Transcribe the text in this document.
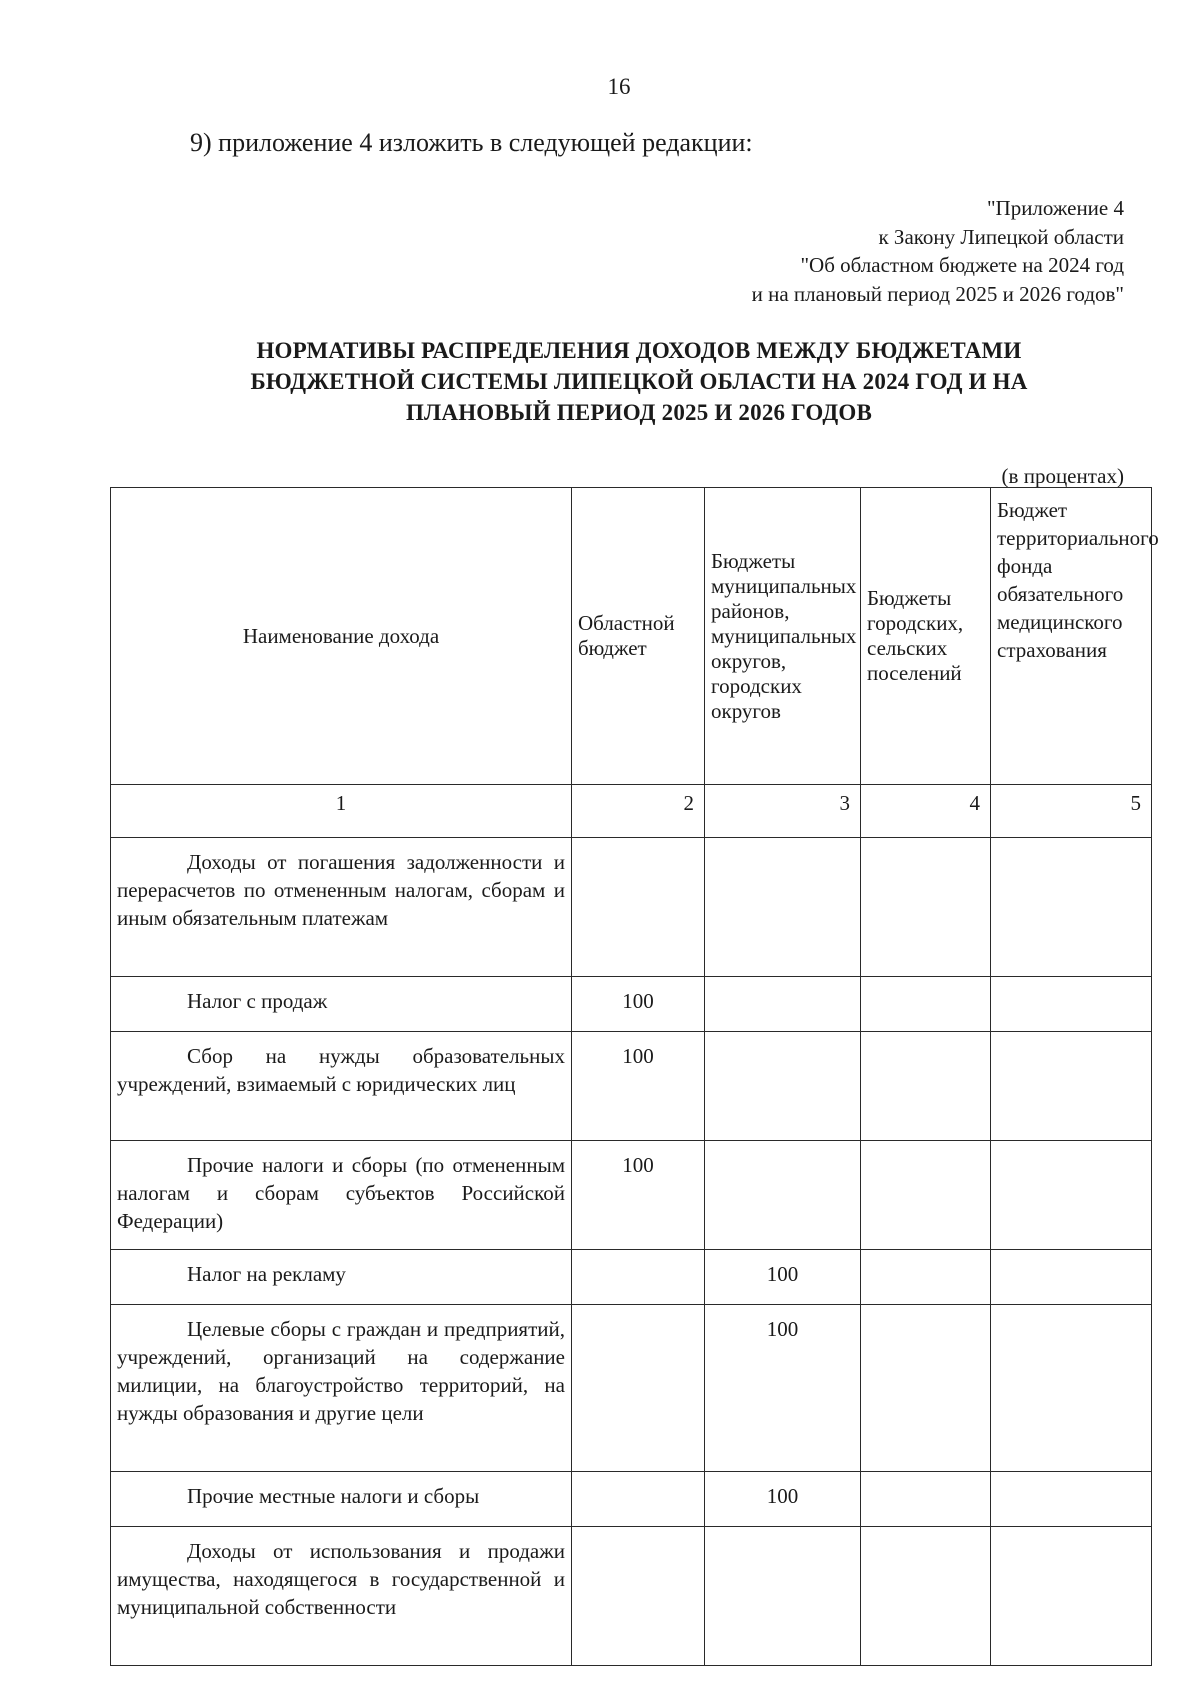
16
9) приложение 4 изложить в следующей редакции:
"Приложение 4
к Закону Липецкой области
"Об областном бюджете на 2024 год
и на плановый период 2025 и 2026 годов"
НОРМАТИВЫ РАСПРЕДЕЛЕНИЯ ДОХОДОВ МЕЖДУ БЮДЖЕТАМИ
БЮДЖЕТНОЙ СИСТЕМЫ ЛИПЕЦКОЙ ОБЛАСТИ НА 2024 ГОД И НА
ПЛАНОВЫЙ ПЕРИОД 2025 И 2026 ГОДОВ
(в процентах)
Наименование дохода	Областной бюджет	Бюджеты муниципальных районов, муниципальных округов, городских округов	Бюджеты городских, сельских поселений	Бюджет территориального фонда обязательного медицинского страхования

1	2	3	4	5
Доходы от погашения задолженности и перерасчетов по отмененным налогам, сборам и иным обязательным платежам				
Налог с продаж	100			
Сбор на нужды образовательных учреждений, взимаемый с юридических лиц	100			
Прочие налоги и сборы (по отмененным налогам и сборам субъектов Российской Федерации)	100			
Налог на рекламу		100		
Целевые сборы с граждан и предприятий, учреждений, организаций на содержание милиции, на благоустройство территорий, на нужды образования и другие цели		100		
Прочие местные налоги и сборы		100		
Доходы от использования и продажи имущества, находящегося в государственной и муниципальной собственности				
